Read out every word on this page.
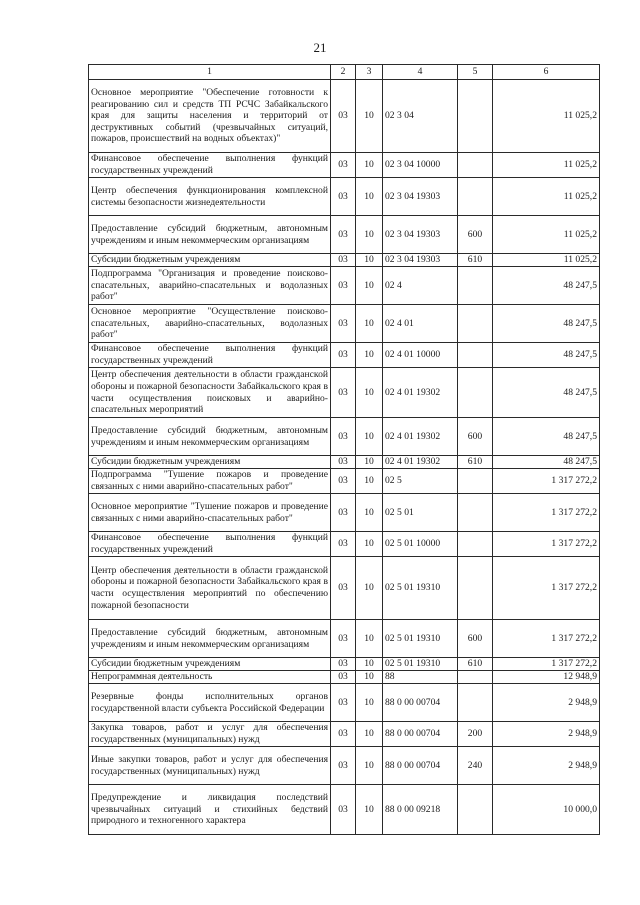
21
1	2	3	4	5	6
Основное мероприятие "Обеспечение готовности к реагированию сил и средств ТП РСЧС Забайкальского края для защиты населения и территорий от деструктивных событий (чрезвычайных ситуаций, пожаров, происшествий на водных объектах)"	03	10	02 3 04		11 025,2
Финансовое обеспечение выполнения функций государственных учреждений	03	10	02 3 04 10000		11 025,2
Центр обеспечения функционирования комплексной системы безопасности жизнедеятельности	03	10	02 3 04 19303		11 025,2
Предоставление субсидий бюджетным, автономным учреждениям и иным некоммерческим организациям	03	10	02 3 04 19303	600	11 025,2
Субсидии бюджетным учреждениям	03	10	02 3 04 19303	610	11 025,2
Подпрограмма "Организация и проведение поисково-спасательных, аварийно-спасательных и водолазных работ"	03	10	02 4		48 247,5
Основное мероприятие "Осуществление поисково-спасательных, аварийно-спасательных, водолазных работ"	03	10	02 4 01		48 247,5
Финансовое обеспечение выполнения функций государственных учреждений	03	10	02 4 01 10000		48 247,5
Центр обеспечения деятельности в области гражданской обороны и пожарной безопасности Забайкальского края в части осуществления поисковых и аварийно-спасательных мероприятий	03	10	02 4 01 19302		48 247,5
Предоставление субсидий бюджетным, автономным учреждениям и иным некоммерческим организациям	03	10	02 4 01 19302	600	48 247,5
Субсидии бюджетным учреждениям	03	10	02 4 01 19302	610	48 247,5
Подпрограмма "Тушение пожаров и проведение связанных с ними аварийно-спасательных работ"	03	10	02 5		1 317 272,2
Основное мероприятие "Тушение пожаров и проведение связанных с ними аварийно-спасательных работ"	03	10	02 5 01		1 317 272,2
Финансовое обеспечение выполнения функций государственных учреждений	03	10	02 5 01 10000		1 317 272,2
Центр обеспечения деятельности в области гражданской обороны и пожарной безопасности Забайкальского края в части осуществления мероприятий по обеспечению пожарной безопасности	03	10	02 5 01 19310		1 317 272,2
Предоставление субсидий бюджетным, автономным учреждениям и иным некоммерческим организациям	03	10	02 5 01 19310	600	1 317 272,2
Субсидии бюджетным учреждениям	03	10	02 5 01 19310	610	1 317 272,2
Непрограммная деятельность	03	10	88		12 948,9
Резервные фонды исполнительных органов государственной власти субъекта Российской Федерации	03	10	88 0 00 00704		2 948,9
Закупка товаров, работ и услуг для обеспечения государственных (муниципальных) нужд	03	10	88 0 00 00704	200	2 948,9
Иные закупки товаров, работ и услуг для обеспечения государственных (муниципальных) нужд	03	10	88 0 00 00704	240	2 948,9
Предупреждение и ликвидация последствий чрезвычайных ситуаций и стихийных бедствий природного и техногенного характера	03	10	88 0 00 09218		10 000,0
